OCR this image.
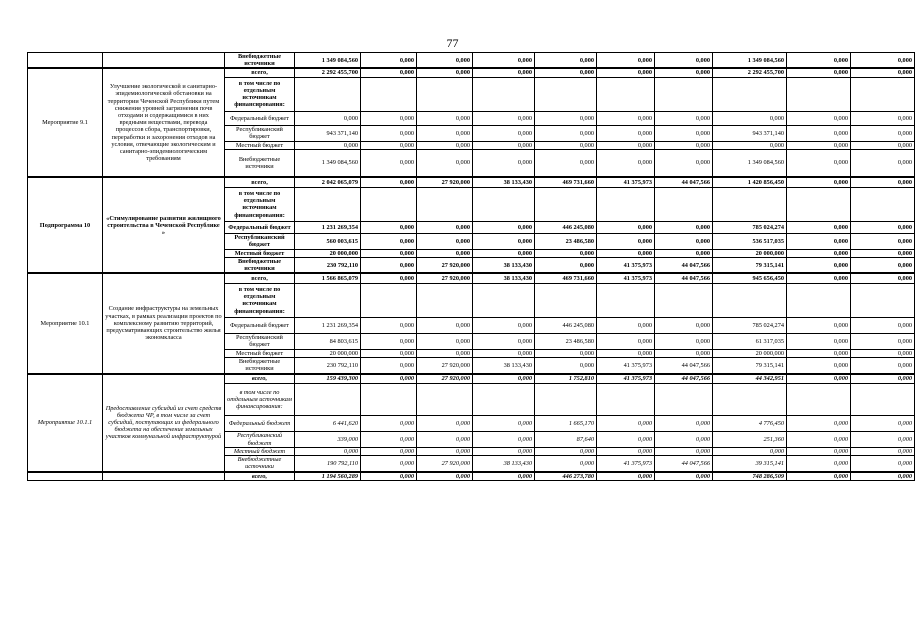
77
		Внебюджетные источники	1 349 084,560	0,000	0,000	0,000	0,000	0,000	0,000	1 349 084,560	0,000	0,000
Мероприятие 9.1	Улучшение экологической и санитарно-эпидемиологической обстановки на территории Чеченской Республики путем снижения уровней загрязнения почв отходами и содержащимися в них вредными веществами, перевода процессов сбора, транспортировки, переработки и захоронения отходов на условия, отвечающие экологическим и санитарно-эпидемиологическим требованиям	всего,	2 292 455,700	0,000	0,000	0,000	0,000	0,000	0,000	2 292 455,700	0,000	0,000
		в том числе по отдельным источникам финансирования:										
		Федеральный бюджет	0,000	0,000	0,000	0,000	0,000	0,000	0,000	0,000	0,000	0,000
		Республиканский бюджет	943 371,140	0,000	0,000	0,000	0,000	0,000	0,000	943 371,140	0,000	0,000
		Местный бюджет	0,000	0,000	0,000	0,000	0,000	0,000	0,000	0,000	0,000	0,000
		Внебюджетные источники	1 349 084,560	0,000	0,000	0,000	0,000	0,000	0,000	1 349 084,560	0,000	0,000
Подпрограмма 10	«Стимулирование развития жилищного строительства в Чеченской Республике »	всего,	2 042 065,079	0,000	27 920,000	38 133,430	469 731,660	41 375,973	44 047,566	1 420 856,450	0,000	0,000
		в том числе по отдельным источникам финансирования:										
		Федеральный бюджет	1 231 269,354	0,000	0,000	0,000	446 245,080	0,000	0,000	785 024,274	0,000	0,000
		Республиканский бюджет	560 003,615	0,000	0,000	0,000	23 486,580	0,000	0,000	536 517,035	0,000	0,000
		Местный бюджет	20 000,000	0,000	0,000	0,000	0,000	0,000	0,000	20 000,000	0,000	0,000
		Внебюджетные источники	230 792,110	0,000	27 920,000	38 133,430	0,000	41 375,973	44 047,566	79 315,141	0,000	0,000
Мероприятие 10.1	Создание инфраструктуры на земельных участках, в рамках реализации проектов по комплексному развитию территорий, предусматривающих строительство жилья экономкласса	всего,	1 566 865,079	0,000	27 920,000	38 133,430	469 731,660	41 375,973	44 047,566	945 656,450	0,000	0,000
		в том числе по отдельным источникам финансирования:										
		Федеральный бюджет	1 231 269,354	0,000	0,000	0,000	446 245,080	0,000	0,000	785 024,274	0,000	0,000
		Республиканский бюджет	84 803,615	0,000	0,000	0,000	23 486,580	0,000	0,000	61 317,035	0,000	0,000
		Местный бюджет	20 000,000	0,000	0,000	0,000	0,000	0,000	0,000	20 000,000	0,000	0,000
		Внебюджетные источники	230 792,110	0,000	27 920,000	38 133,430	0,000	41 375,973	44 047,566	79 315,141	0,000	0,000
Мероприятие 10.1.1	Предоставление субсидий из счет средств бюджета ЧР, в том числе за счет субсидий, поступающих из федерального бюджета на обеспечение земельных участков коммунальной инфраструктурой	всего,	159 439,300	0,000	27 920,000	0,000	1 752,810	41 375,973	44 047,566	44 342,951	0,000	0,000
		в том числе по отдельным источникам финансирования:										
		Федеральный бюджет	6 441,620	0,000	0,000	0,000	1 665,170	0,000	0,000	4 776,450	0,000	0,000
		Республиканский бюджет	339,000	0,000	0,000	0,000	87,640	0,000	0,000	251,360	0,000	0,000
		Местный бюджет	0,000	0,000	0,000	0,000	0,000	0,000	0,000	0,000	0,000	0,000
		Внебюджетные источники	190 792,110	0,000	27 920,000	38 133,430	0,000	41 375,973	44 047,566	39 315,141	0,000	0,000
		всего,	1 194 560,289	0,000	0,000	0,000	446 273,780	0,000	0,000	748 286,509	0,000	0,000
